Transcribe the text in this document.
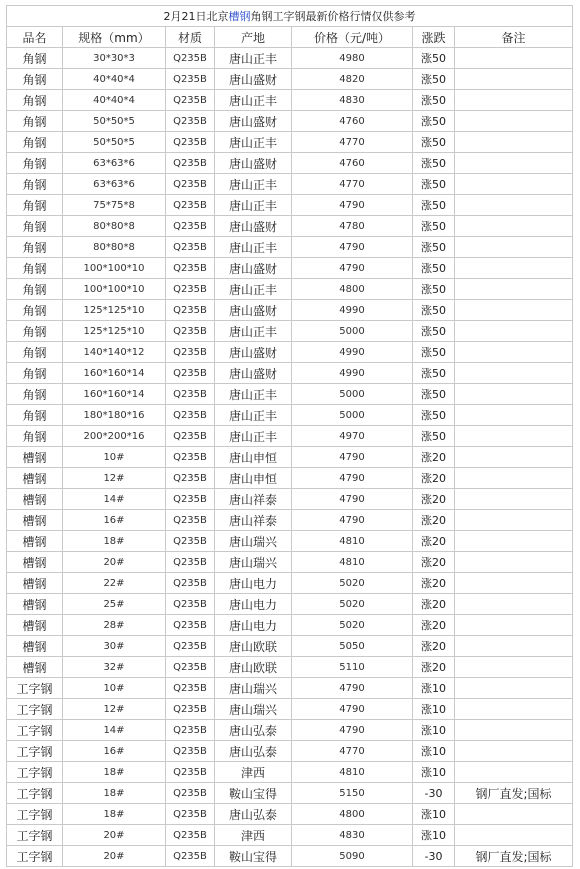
2月21日北京槽钢角钢工字钢最新价格行情仅供参考						
品名	规格（mm）	材质	产地	价格（元/吨）	涨跌	备注
角钢	30*30*3	Q235B	唐山正丰	4980	涨50	
角钢	40*40*4	Q235B	唐山盛财	4820	涨50	
角钢	40*40*4	Q235B	唐山正丰	4830	涨50	
角钢	50*50*5	Q235B	唐山盛财	4760	涨50	
角钢	50*50*5	Q235B	唐山正丰	4770	涨50	
角钢	63*63*6	Q235B	唐山盛财	4760	涨50	
角钢	63*63*6	Q235B	唐山正丰	4770	涨50	
角钢	75*75*8	Q235B	唐山正丰	4790	涨50	
角钢	80*80*8	Q235B	唐山盛财	4780	涨50	
角钢	80*80*8	Q235B	唐山正丰	4790	涨50	
角钢	100*100*10	Q235B	唐山盛财	4790	涨50	
角钢	100*100*10	Q235B	唐山正丰	4800	涨50	
角钢	125*125*10	Q235B	唐山盛财	4990	涨50	
角钢	125*125*10	Q235B	唐山正丰	5000	涨50	
角钢	140*140*12	Q235B	唐山盛财	4990	涨50	
角钢	160*160*14	Q235B	唐山盛财	4990	涨50	
角钢	160*160*14	Q235B	唐山正丰	5000	涨50	
角钢	180*180*16	Q235B	唐山正丰	5000	涨50	
角钢	200*200*16	Q235B	唐山正丰	4970	涨50	
槽钢	10#	Q235B	唐山申恒	4790	涨20	
槽钢	12#	Q235B	唐山申恒	4790	涨20	
槽钢	14#	Q235B	唐山祥泰	4790	涨20	
槽钢	16#	Q235B	唐山祥泰	4790	涨20	
槽钢	18#	Q235B	唐山瑞兴	4810	涨20	
槽钢	20#	Q235B	唐山瑞兴	4810	涨20	
槽钢	22#	Q235B	唐山电力	5020	涨20	
槽钢	25#	Q235B	唐山电力	5020	涨20	
槽钢	28#	Q235B	唐山电力	5020	涨20	
槽钢	30#	Q235B	唐山欧联	5050	涨20	
槽钢	32#	Q235B	唐山欧联	5110	涨20	
工字钢	10#	Q235B	唐山瑞兴	4790	涨10	
工字钢	12#	Q235B	唐山瑞兴	4790	涨10	
工字钢	14#	Q235B	唐山弘泰	4790	涨10	
工字钢	16#	Q235B	唐山弘泰	4770	涨10	
工字钢	18#	Q235B	津西	4810	涨10	
工字钢	18#	Q235B	鞍山宝得	5150	-30	钢厂直发;国标
工字钢	18#	Q235B	唐山弘泰	4800	涨10	
工字钢	20#	Q235B	津西	4830	涨10	
工字钢	20#	Q235B	鞍山宝得	5090	-30	钢厂直发;国标
